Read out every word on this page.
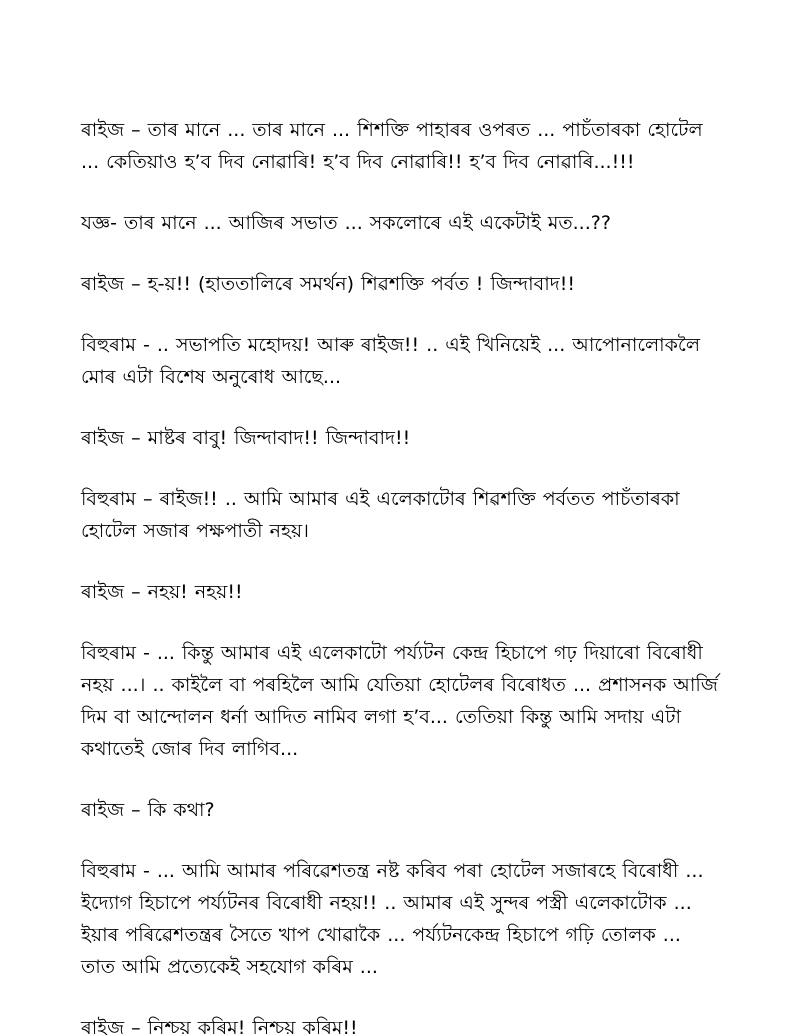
ৰাইজ – তাৰ মানে ... তাৰ মানে ... শিশক্তি পাহাৰৰ ওপৰত ... পাচঁতাৰকা হোটেল ... কেতিয়াও হ’ব দিব নোৱাৰি! হ’ব দিব নোৱাৰি!! হ’ব দিব নোৱাৰি...!!!

যজ্ঞ- তাৰ মানে ... আজিৰ সভাত ... সকলোৰে এই একেটাই মত...??

ৰাইজ – হ-য়!! (হাততালিৰে সমৰ্থন) শিৱশক্তি পৰ্বত ! জিন্দাবাদ!!

বিহুৰাম - .. সভাপতি মহোদয়! আৰু ৰাইজ!! .. এই খিনিয়েই ... আপোনালোকলৈ মোৰ এটা বিশেষ অনুৰোধ আছে...

ৰাইজ – মাষ্টৰ বাবু! জিন্দাবাদ!! জিন্দাবাদ!!

বিহুৰাম – ৰাইজ!! .. আমি আমাৰ এই এলেকাটোৰ শিৱশক্তি পৰ্বতত পাচঁতাৰকা হোটেল সজাৰ পক্ষপাতী নহয়।

ৰাইজ – নহয়! নহয়!!

বিহুৰাম - ... কিন্তু আমাৰ এই এলেকাটো পৰ্য্যটন কেন্দ্ৰ হিচাপে গঢ় দিয়াৰো বিৰোধী নহয় ...। .. কাইলৈ বা পৰহিলৈ আমি যেতিয়া হোটেলৰ বিৰোধত ... প্ৰশাসনক আৰ্জি দিম বা আন্দোলন ধৰ্না আদিত নামিব লগা হ’ব... তেতিয়া কিন্তু আমি সদায় এটা কথাতেই জোৰ দিব লাগিব...

ৰাইজ – কি কথা?

বিহুৰাম - ... আমি আমাৰ পৰিৱেশতন্ত্ৰ নষ্ট কৰিব পৰা হোটেল সজাৰহে বিৰোধী ... ইদ্যোগ হিচাপে পৰ্য্যটনৰ বিৰোধী নহয়!! .. আমাৰ এই সুন্দৰ পস্ত্ৰী এলেকাটোক ... ইয়াৰ পৰিৱেশতন্ত্ৰৰ সৈতে খাপ খোৱাকৈ ... পৰ্য্যটনকেন্দ্ৰ হিচাপে গঢ়ি তোলক ... তাত আমি প্ৰত্যেকেই সহযোগ কৰিম ...

ৰাইজ – নিশ্চয় কৰিম! নিশ্চয় কৰিম!!
